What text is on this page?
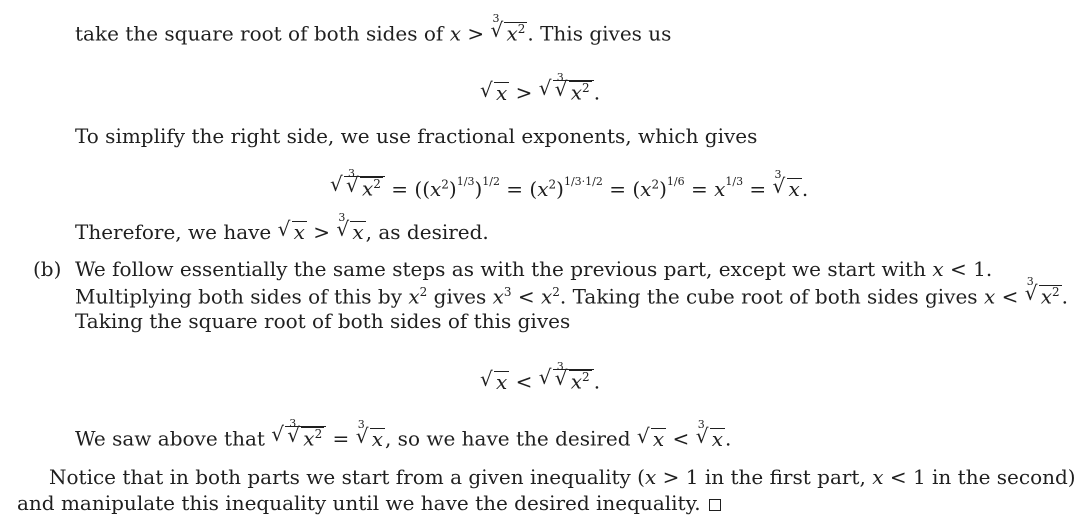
take the square root of both sides of x >
√ 3
$x^2$ . This gives us
√ x >
√ √ 3
$x^2$ .
To simplify the right side, we use fractional exponents, which gives
√ √ 3
$x^2 = ((x^2)^{1/3})^{1/2} = (x^2)^{1/3\cdot 1/2} = (x^2)^{1/6} = x^{1/3}$ =
√ 3
x .
Therefore, we have √ x >
√ 3
x , as desired.
(b) We follow essentially the same steps as with the previous part, except we start with x < 1.
Multiplying both sides of this by $x^2$ gives $x^3 < x^2$. Taking the cube root of both sides gives x <
√ 3
$x^2$ .
Taking the square root of both sides of this gives
√ x <
√ √ 3
$x^2$ .
We saw above that
√ √ 3
$x^2$ =
√ 3
x , so we have the desired √ x <
√ 3
x .
Notice that in both parts we start from a given inequality (x > 1 in the first part, x < 1 in the second)
and manipulate this inequality until we have the desired inequality.
